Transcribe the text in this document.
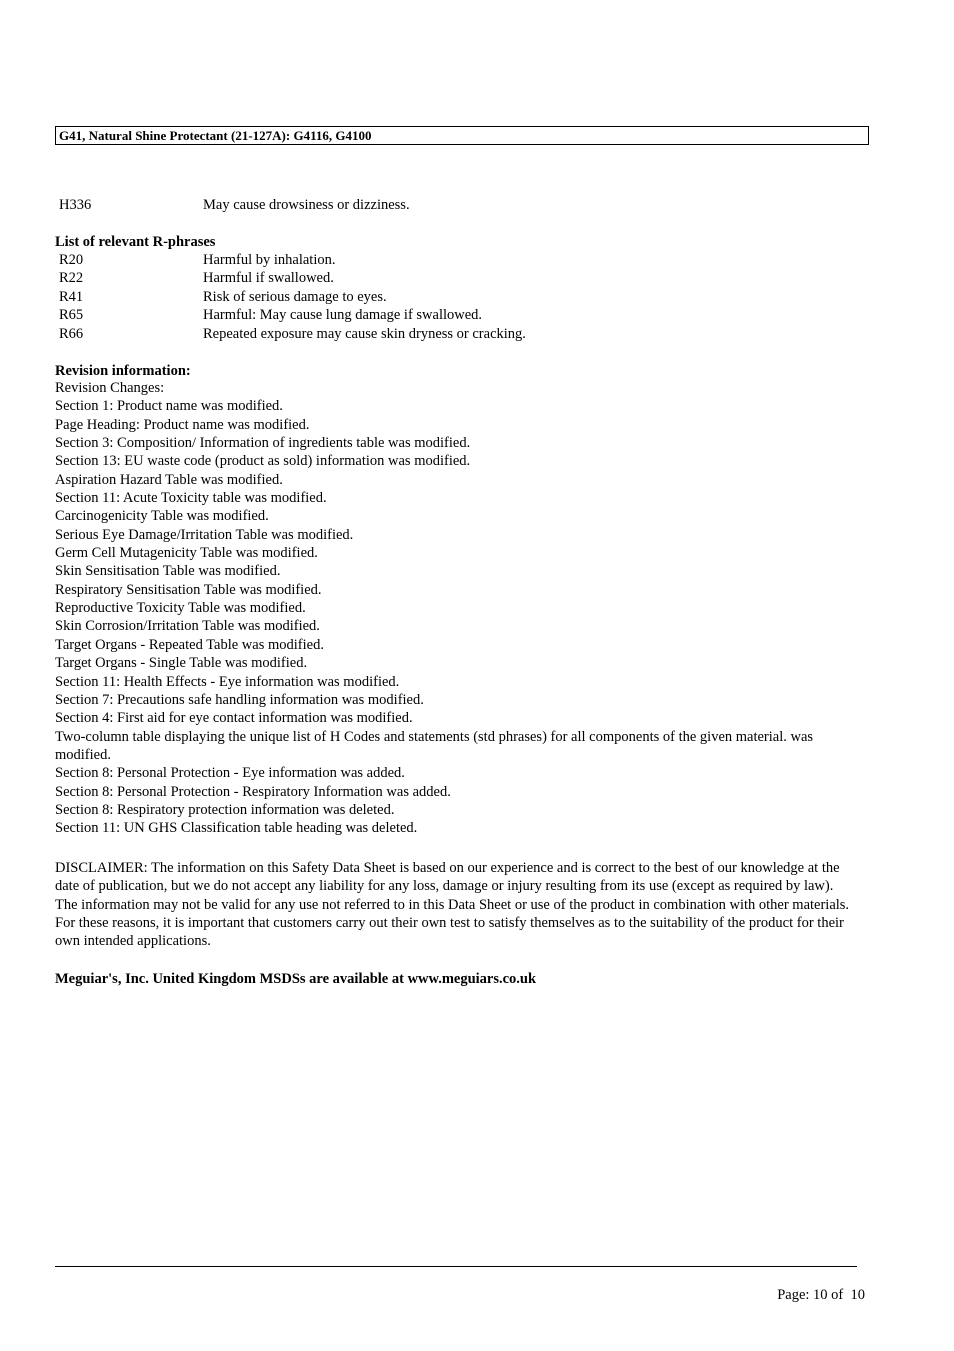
G41, Natural Shine Protectant (21-127A): G4116, G4100
H336	May cause drowsiness or dizziness.
List of relevant R-phrases
R20	Harmful by inhalation.
R22	Harmful if swallowed.
R41	Risk of serious damage to eyes.
R65	Harmful: May cause lung damage if swallowed.
R66	Repeated exposure may cause skin dryness or cracking.
Revision information:
Revision Changes:
Section 1: Product name was modified.
Page Heading: Product name was modified.
Section 3: Composition/ Information of ingredients table was modified.
Section 13: EU waste code (product as sold) information was modified.
Aspiration Hazard Table was modified.
Section 11: Acute Toxicity table was modified.
Carcinogenicity Table was modified.
Serious Eye Damage/Irritation Table was modified.
Germ Cell Mutagenicity Table was modified.
Skin Sensitisation Table was modified.
Respiratory Sensitisation Table was modified.
Reproductive Toxicity Table was modified.
Skin Corrosion/Irritation Table was modified.
Target Organs - Repeated Table was modified.
Target Organs - Single Table was modified.
Section 11: Health Effects - Eye information was modified.
Section 7: Precautions safe handling information was modified.
Section 4: First aid for eye contact information was modified.
Two-column table displaying the unique list of H Codes and statements (std phrases) for all components of the given material. was modified.
Section 8: Personal Protection - Eye information was added.
Section 8: Personal Protection - Respiratory Information was added.
Section 8: Respiratory protection information was deleted.
Section 11: UN GHS Classification table heading was deleted.

DISCLAIMER: The information on this Safety Data Sheet is based on our experience and is correct to the best of our knowledge at the date of publication, but we do not accept any liability for any loss, damage or injury resulting from its use (except as required by law). The information may not be valid for any use not referred to in this Data Sheet or use of the product in combination with other materials. For these reasons, it is important that customers carry out their own test to satisfy themselves as to the suitability of the product for their own intended applications.

Meguiar's, Inc. United Kingdom MSDSs are available at www.meguiars.co.uk
Page: 10 of  10
